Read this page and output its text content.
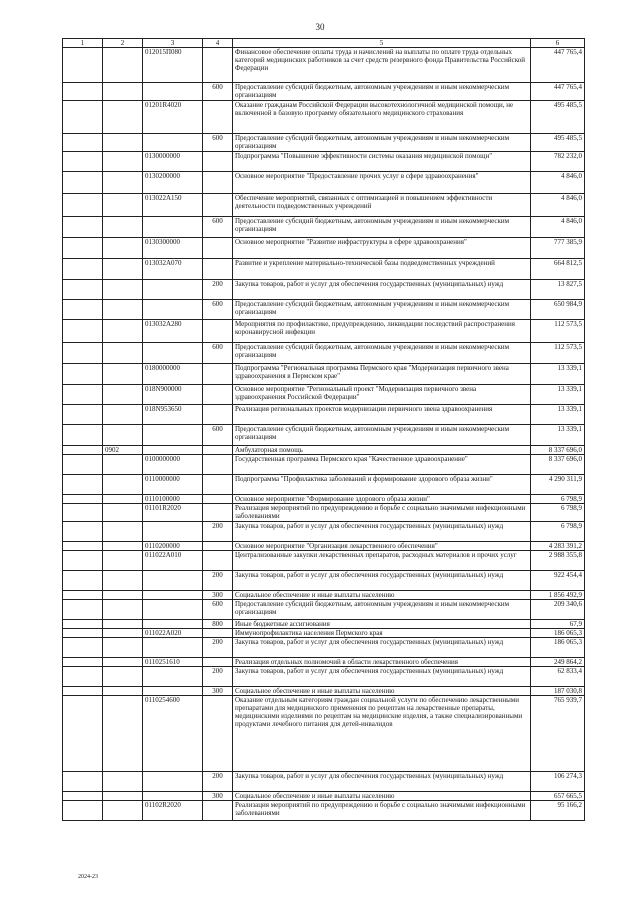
30
1	2	3	4	5	6
		012015П080		Финансовое обеспечение оплаты труда и начислений на выплаты по оплате труда отдельных категорий медицинских работников за счет средств резервного фонда Правительства Российской Федерации	447 765,4
			600	Предоставление субсидий бюджетным, автономным учреждениям и иным некоммерческим организациям	447 765,4
		01201R4020		Оказание гражданам Российской Федерации высокотехнологичной медицинской помощи, не включенной в базовую программу обязательного медицинского страхования	495 485,5
			600	Предоставление субсидий бюджетным, автономным учреждениям и иным некоммерческим организациям	495 485,5
		0130000000		Подпрограмма "Повышение эффективности системы оказания медицинской помощи"	782 232,0
		0130200000		Основное мероприятие "Предоставление прочих услуг в сфере здравоохранения"	4 846,0
		013022А150		Обеспечение мероприятий, связанных с оптимизацией и повышением эффективности деятельности подведомственных учреждений	4 846,0
			600	Предоставление субсидий бюджетным, автономным учреждениям и иным некоммерческим организациям	4 846,0
		0130300000		Основное мероприятие "Развитие инфраструктуры в сфере здравоохранения"	777 385,9
		013032А070		Развитие и укрепление материально-технической базы подведомственных учреждений	664 812,5
			200	Закупка товаров, работ и услуг для обеспечения государственных (муниципальных) нужд	13 827,5
			600	Предоставление субсидий бюджетным, автономным учреждениям и иным некоммерческим организациям	650 984,9
		013032А280		Мероприятия по профилактике, предупреждению, ликвидации последствий распространения коронавирусной инфекции	112 573,5
			600	Предоставление субсидий бюджетным, автономным учреждениям и иным некоммерческим организациям	112 573,5
		0180000000		Подпрограмма "Региональная программа Пермского края "Модернизация первичного звена здравоохранения в Пермском крае"	13 339,1
		018N900000		Основное мероприятие "Региональный проект "Модернизация первичного звена здравоохранения Российской Федерации"	13 339,1
		018N953650		Реализация региональных проектов модернизации первичного звена здравоохранения	13 339,1
			600	Предоставление субсидий бюджетным, автономным учреждениям и иным некоммерческим организациям	13 339,1
	0902			Амбулаторная помощь	8 337 696,0
		0100000000		Государственная программа Пермского края "Качественное здравоохранение"	8 337 696,0
		0110000000		Подпрограмма "Профилактика заболеваний и формирование здорового образа жизни"	4 290 311,9
		0110100000		Основное мероприятие "Формирование здорового образа жизни"	6 798,9
		01101R2020		Реализация мероприятий по предупреждению и борьбе с социально значимыми инфекционными заболеваниями	6 798,9
			200	Закупка товаров, работ и услуг для обеспечения государственных (муниципальных) нужд	6 798,9
		0110200000		Основное мероприятие "Организация лекарственного обеспечения"	4 283 391,2
		011022А010		Централизованные закупки лекарственных препаратов, расходных материалов и прочих услуг	2 988 355,8
			200	Закупка товаров, работ и услуг для обеспечения государственных (муниципальных) нужд	922 454,4
			300	Социальное обеспечение и иные выплаты населению	1 856 492,9
			600	Предоставление субсидий бюджетным, автономным учреждениям и иным некоммерческим организациям	209 340,6
			800	Иные бюджетные ассигнования	67,9
		011022А020		Иммунопрофилактика населения Пермского края	186 065,3
			200	Закупка товаров, работ и услуг для обеспечения государственных (муниципальных) нужд	186 065,3
		0110251610		Реализация отдельных полномочий в области лекарственного обеспечения	249 864,2
			200	Закупка товаров, работ и услуг для обеспечения государственных (муниципальных) нужд	62 833,4
			300	Социальное обеспечение и иные выплаты населению	187 030,8
		0110254600		Оказание отдельным категориям граждан социальной услуги по обеспечению лекарственными препаратами для медицинского применения по рецептам на лекарственные препараты, медицинскими изделиями по рецептам на медицинские изделия, а также специализированными продуктами лечебного питания для детей-инвалидов	765 939,7
			200	Закупка товаров, работ и услуг для обеспечения государственных (муниципальных) нужд	106 274,3
			300	Социальное обеспечение и иные выплаты населению	657 665,5
		01102R2020		Реализация мероприятий по предупреждению и борьбе с социально значимыми инфекционными заболеваниями	95 166,2
2024-23
